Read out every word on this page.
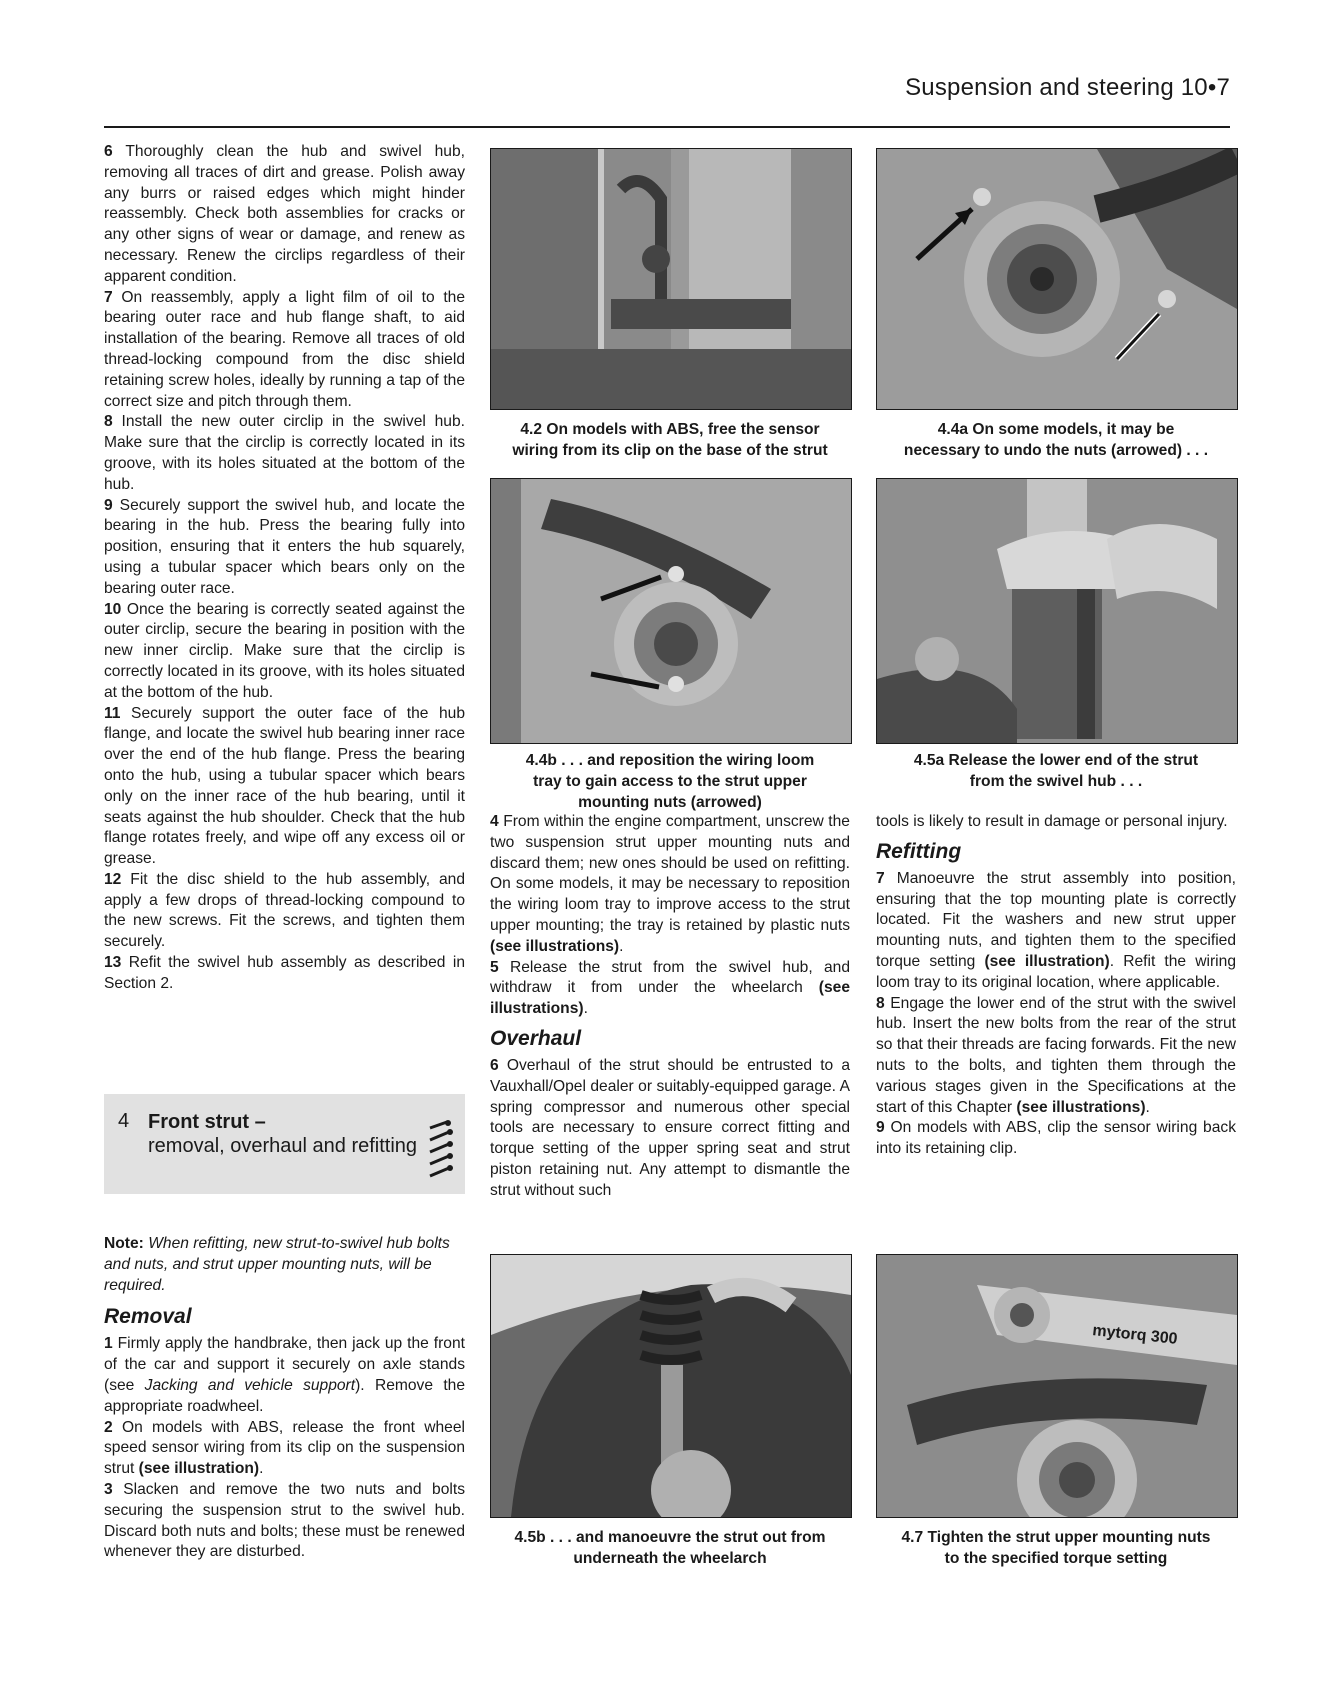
Suspension and steering 10•7

6 Thoroughly clean the hub and swivel hub, removing all traces of dirt and grease. Polish away any burrs or raised edges which might hinder reassembly. Check both assemblies for cracks or any other signs of wear or damage, and renew as necessary. Renew the circlips regardless of their apparent condition.

7 On reassembly, apply a light film of oil to the bearing outer race and hub flange shaft, to aid installation of the bearing. Remove all traces of old thread-locking compound from the disc shield retaining screw holes, ideally by running a tap of the correct size and pitch through them.

8 Install the new outer circlip in the swivel hub. Make sure that the circlip is correctly located in its groove, with its holes situated at the bottom of the hub.

9 Securely support the swivel hub, and locate the bearing in the hub. Press the bearing fully into position, ensuring that it enters the hub squarely, using a tubular spacer which bears only on the bearing outer race.

10 Once the bearing is correctly seated against the outer circlip, secure the bearing in position with the new inner circlip. Make sure that the circlip is correctly located in its groove, with its holes situated at the bottom of the hub.

11 Securely support the outer face of the hub flange, and locate the swivel hub bearing inner race over the end of the hub flange. Press the bearing onto the hub, using a tubular spacer which bears only on the inner race of the hub bearing, until it seats against the hub shoulder. Check that the hub flange rotates freely, and wipe off any excess oil or grease.

12 Fit the disc shield to the hub assembly, and apply a few drops of thread-locking compound to the new screws. Fit the screws, and tighten them securely.

13 Refit the swivel hub assembly as described in Section 2.

4 Front strut –
removal, overhaul and refitting

Note: When refitting, new strut-to-swivel hub bolts and nuts, and strut upper mounting nuts, will be required.

Removal

1 Firmly apply the handbrake, then jack up the front of the car and support it securely on axle stands (see Jacking and vehicle support). Remove the appropriate roadwheel.

2 On models with ABS, release the front wheel speed sensor wiring from its clip on the suspension strut (see illustration).

3 Slacken and remove the two nuts and bolts securing the suspension strut to the swivel hub. Discard both nuts and bolts; these must be renewed whenever they are disturbed.

4 From within the engine compartment, unscrew the two suspension strut upper mounting nuts and discard them; new ones should be used on refitting. On some models, it may be necessary to reposition the wiring loom tray to improve access to the strut upper mounting; the tray is retained by plastic nuts (see illustrations).

5 Release the strut from the swivel hub, and withdraw it from under the wheelarch (see illustrations).

Overhaul

6 Overhaul of the strut should be entrusted to a Vauxhall/Opel dealer or suitably-equipped garage. A spring compressor and numerous other special tools are necessary to ensure correct fitting and torque setting of the upper spring seat and strut piston retaining nut. Any attempt to dismantle the strut without such

tools is likely to result in damage or personal injury.

Refitting

7 Manoeuvre the strut assembly into position, ensuring that the top mounting plate is correctly located. Fit the washers and new strut upper mounting nuts, and tighten them to the specified torque setting (see illustration). Refit the wiring loom tray to its original location, where applicable.

8 Engage the lower end of the strut with the swivel hub. Insert the new bolts from the rear of the strut so that their threads are facing forwards. Fit the new nuts to the bolts, and tighten them through the various stages given in the Specifications at the start of this Chapter (see illustrations).

9 On models with ABS, clip the sensor wiring back into its retaining clip.

4.2 On models with ABS, free the sensor
wiring from its clip on the base of the strut
4.4a On some models, it may be
necessary to undo the nuts (arrowed) . . .
4.4b . . . and reposition the wiring loom
tray to gain access to the strut upper
mounting nuts (arrowed)
4.5a Release the lower end of the strut
from the swivel hub . . .
4.5b . . . and manoeuvre the strut out from
underneath the wheelarch
mytorq 300
4.7 Tighten the strut upper mounting nuts
to the specified torque setting
